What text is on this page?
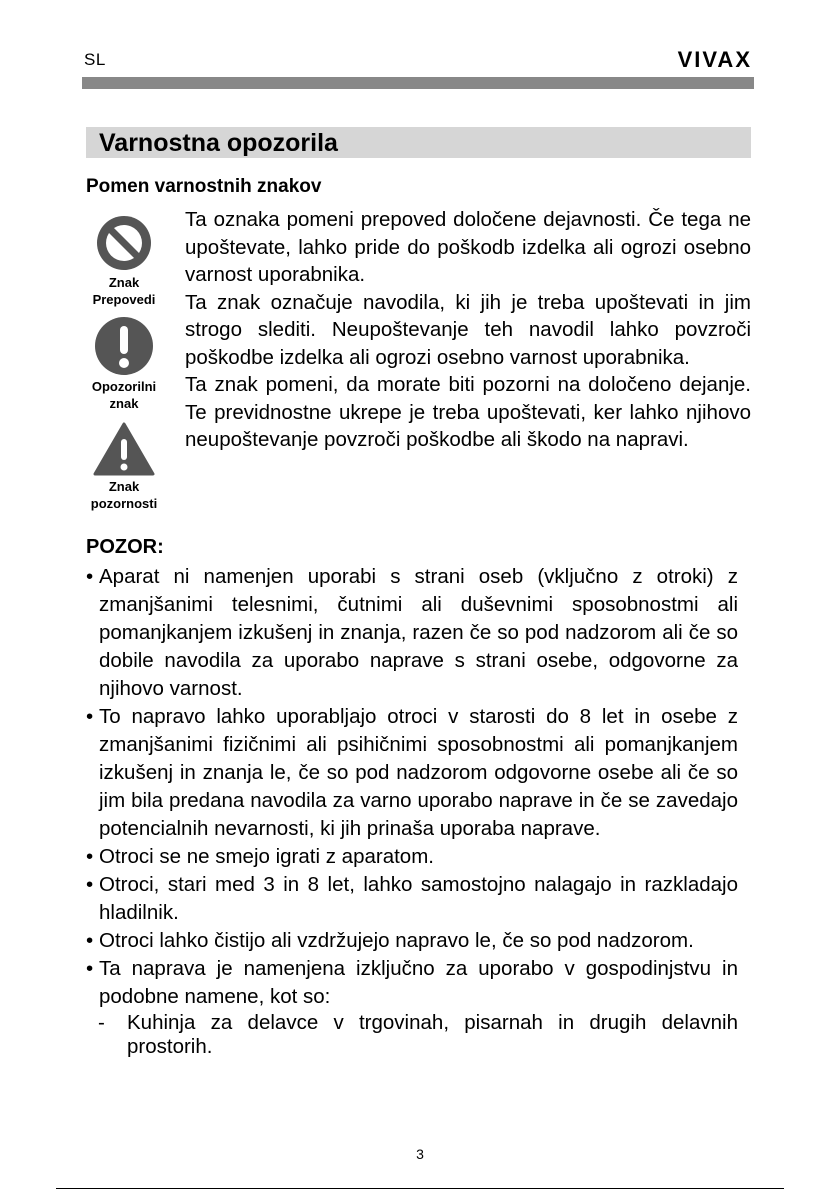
SL	VIVAX
Varnostna opozorila
Pomen varnostnih znakov
Znak
Prepovedi
Opozorilni
znak
Znak
pozornosti

Ta oznaka pomeni prepoved določene dejavnosti. Če tega ne upoštevate, lahko pride do poškodb izdelka ali ogrozi osebno varnost uporabnika.

Ta znak označuje navodila, ki jih je treba upoštevati in jim strogo slediti. Neupoštevanje teh navodil lahko povzroči poškodbe izdelka ali ogrozi osebno varnost uporabnika.

Ta znak pomeni, da morate biti pozorni na določeno dejanje. Te previdnostne ukrepe je treba upoštevati, ker lahko njihovo neupoštevanje povzroči poškodbe ali škodo na napravi.

POZOR:
• Aparat ni namenjen uporabi s strani oseb (vključno z otroki) z zmanjšanimi telesnimi, čutnimi ali duševnimi sposobnostmi ali pomanjkanjem izkušenj in znanja, razen če so pod nadzorom ali če so dobile navodila za uporabo naprave s strani osebe, odgovorne za njihovo varnost.
• To napravo lahko uporabljajo otroci v starosti do 8 let in osebe z zmanjšanimi fizičnimi ali psihičnimi sposobnostmi ali pomanjkanjem izkušenj in znanja le, če so pod nadzorom odgovorne osebe ali če so jim bila predana navodila za varno uporabo naprave in če se zavedajo potencialnih nevarnosti, ki jih prinaša uporaba naprave.
• Otroci se ne smejo igrati z aparatom.
• Otroci, stari med 3 in 8 let, lahko samostojno nalagajo in razkladajo hladilnik.
• Otroci lahko čistijo ali vzdržujejo napravo le, če so pod nadzorom.
• Ta naprava je namenjena izključno za uporabo v gospodinjstvu in podobne namene, kot so:
- Kuhinja za delavce v trgovinah, pisarnah in drugih delavnih prostorih.
3
